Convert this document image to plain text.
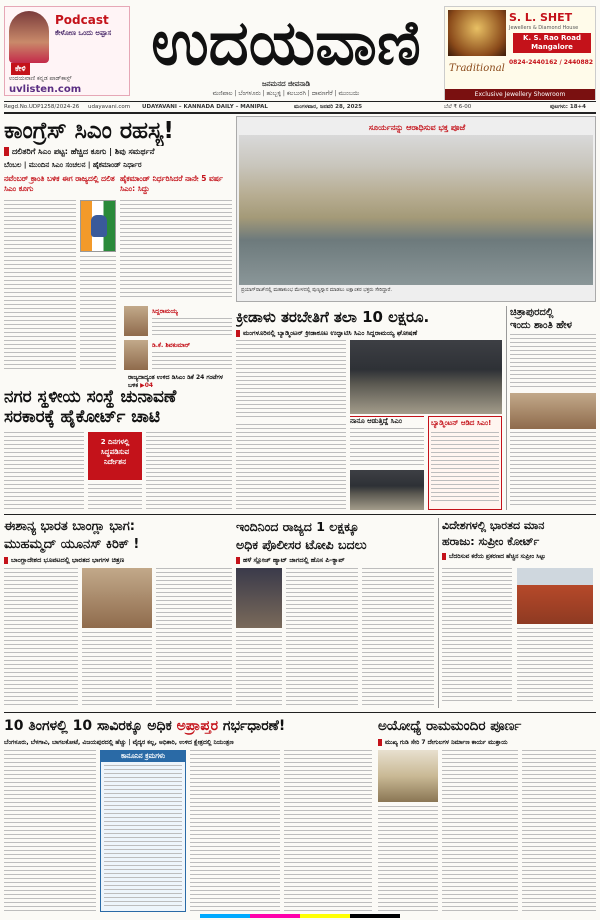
Podcast
ಕೇಳೋಣ ಒಂದು ಅಪ್ಪಾಸ
ಕೇಳಿ
ಉದಯವಾಣಿ ಕನ್ನಡ ಪಾಡ್‌ಕಾಸ್ಟ್
uvlisten.com
ಉದಯವಾಣಿ
ಜನಮನದ ಜೀವನಾಡಿ
ಮಣಿಪಾಲ | ಬೆಂಗಳೂರು | ಹುಬ್ಬಳ್ಳಿ | ಕಲಬುರಗಿ | ದಾವಣಗೆರೆ | ಮುಂಬಯಿ
S. L. SHET
Jewellers & Diamond House
K. S. Rao Road
Mangalore
Traditional
0824-2440162 / 2440882
Exclusive Jewellery Showroom
Regd.No.UDP1258/2024-26 udayavani.com UDAYAVANI – KANNADA DAILY – MANIPAL	ಮಂಗಳವಾರ, ಜನವರಿ 28, 2025	ಬೆಲೆ ₹ 6-00	ಪುಟಗಳು: 18+4
ಕಾಂಗ್ರೆಸ್‌ ಸಿಎಂ ರಹಸ್ಯ!
ದಲಿತರಿಗೆ ಸಿಎಂ ಪಟ್ಟ: ಹೆಚ್ಚಿದ ಕೂಗು | ಶಿವು ಸಮರ್ಥನೆ
ಬೆಂಬಲ | ಮುಂದಿನ ಸಿಎಂ ಸಂಚಲನ | ಹೈಕಮಾಂಡ್‌ ನಿರ್ಧಾರ
ನವೆಂಬರ್‌ ಕ್ರಾಂತಿ ಬಳಿಕ ಈಗ ರಾಜ್ಯದಲ್ಲಿ ದಲಿತ ಸಿಎಂ ಕೂಗು
ಹೈಕಮಾಂಡ್‌ ನಿರ್ಧರಿಸಿದರೆ ನಾನೇ 5 ವರ್ಷ ಸಿಎಂ: ಸಿದ್ದು
ಸಿದ್ದರಾಮಯ್ಯ
ಡಿ.ಕೆ. ಶಿವಕುಮಾರ್
ರಾಜ್ಯದಾದ್ಯಂತ ಉಳಿದ ಡಿಸಿಎಂ ಡಿಕೆ 24 ಗಂಟೆಗಳ ಬಳಿಕ ▶04
ಸೂರ್ಯನನ್ನು ಆರಾಧಿಸುವ ಭಕ್ತ ಪೂಜೆ
ಪ್ರಯಾಗ್‌ರಾಜ್‌ನಲ್ಲಿ ಮಹಾಕುಂಭ ಮೇಳದಲ್ಲಿ ಪುಣ್ಯಸ್ನಾನ ಮಾಡಲು ಲಕ್ಷಾಂತರ ಭಕ್ತರು ಸೇರಿದ್ದಾರೆ.
ಕ್ರೀಡಾಳು ತರಬೇತಿಗೆ ತಲಾ 10 ಲಕ್ಷರೂ.
ಮಂಗಳೂರಿನಲ್ಲಿ ಬ್ಯಾಡ್ಮಿಂಟನ್‌ ಕ್ರೀಡಾಕೂಟ ಉದ್ಘಾಟಿಸಿ ಸಿಎಂ ಸಿದ್ದರಾಮಯ್ಯ ಘೋಷಣೆ
ನಾನೂ ಆಡುತ್ತಿದ್ದೆ ಸಿಎಂ	ಬ್ಯಾಡ್ಮಿಂಟನ್‌ ಆಡಿದ ಸಿಎಂ!
ಚಿತ್ರಾಪುರದಲ್ಲಿ
ಇಂದು ಶಾಂತಿ ಹೇಳ
ನಗರ ಸ್ಥಳೀಯ ಸಂಸ್ಥೆ ಚುನಾವಣೆ
ಸರಕಾರಕ್ಕೆ ಹೈಕೋರ್ಟ್‌ ಚಾಟಿ
2 ದಿನಗಳಲ್ಲಿ
ಸಿದ್ಧಪಡಿಸುವ
ನಿರ್ದೇಶನ
ಈಶಾನ್ಯ ಭಾರತ ಬಾಂಗ್ಲಾ ಭಾಗ:
ಮುಹಮ್ಮದ್‌ ಯೂನಸ್‌ ಕಿರಿಕ್‌ !
ಬಾಂಗ್ಲಾದೇಶದ ಭೂಪಟದಲ್ಲಿ ಭಾರತದ ಭಾಗಗಳ ಚಿತ್ರಣ
ಇಂದಿನಿಂದ ರಾಜ್ಯದ 1 ಲಕ್ಷಕ್ಕೂ
ಅಧಿಕ ಪೊಲೀಸರ ಟೋಪಿ ಬದಲು
ಹಳೆ ಸ್ಲೋಚ್‌ ಹ್ಯಾಟ್‌ ಜಾಗದಲ್ಲಿ ಹೊಸ ಪಿ-ಕ್ಯಾಪ್‌
ವಿದೇಶಗಳಲ್ಲಿ ಭಾರತದ ಮಾನ
ಹರಾಜು: ಸುಪ್ರೀಂ ಕೋರ್ಟ್‌
ಬೆದರಿಸುವ ಕರೆಯ ಪ್ರಕರಣದ ಹೆಚ್ಚಿನ ಸುಪ್ರೀಂ ಸಿಟ್ಟು
10 ತಿಂಗಳಲ್ಲಿ 10 ಸಾವಿರಕ್ಕೂ ಅಧಿಕ ಅಪ್ರಾಪ್ತರ ಗರ್ಭಧಾರಣೆ!
ಬೆಂಗಳೂರು, ಬೆಳಗಾವಿ, ಬಾಗಲಕೋಟೆ, ವಿಜಯಪುರದಲ್ಲಿ ಹೆಚ್ಚು | ವೈದ್ಯರ ಕಲ್ಲ, ಅಧಿಕಾರಿ, ಉಳಿದ ಕ್ಷೇತ್ರದಲ್ಲಿ ನಿಯಂತ್ರಣ
ಕಾನೂನಿನ ಕ್ರಮಗಳು
ಅಯೋಧ್ಯೆ ರಾಮಮಂದಿರ ಪೂರ್ಣ
ಮುಖ್ಯ ಗುಡಿ ಸೇರಿ 7 ದೇಗುಲಗಳ ನಿರ್ಮಾಣ ಕಾರ್ಯ ಮುಕ್ತಾಯ
